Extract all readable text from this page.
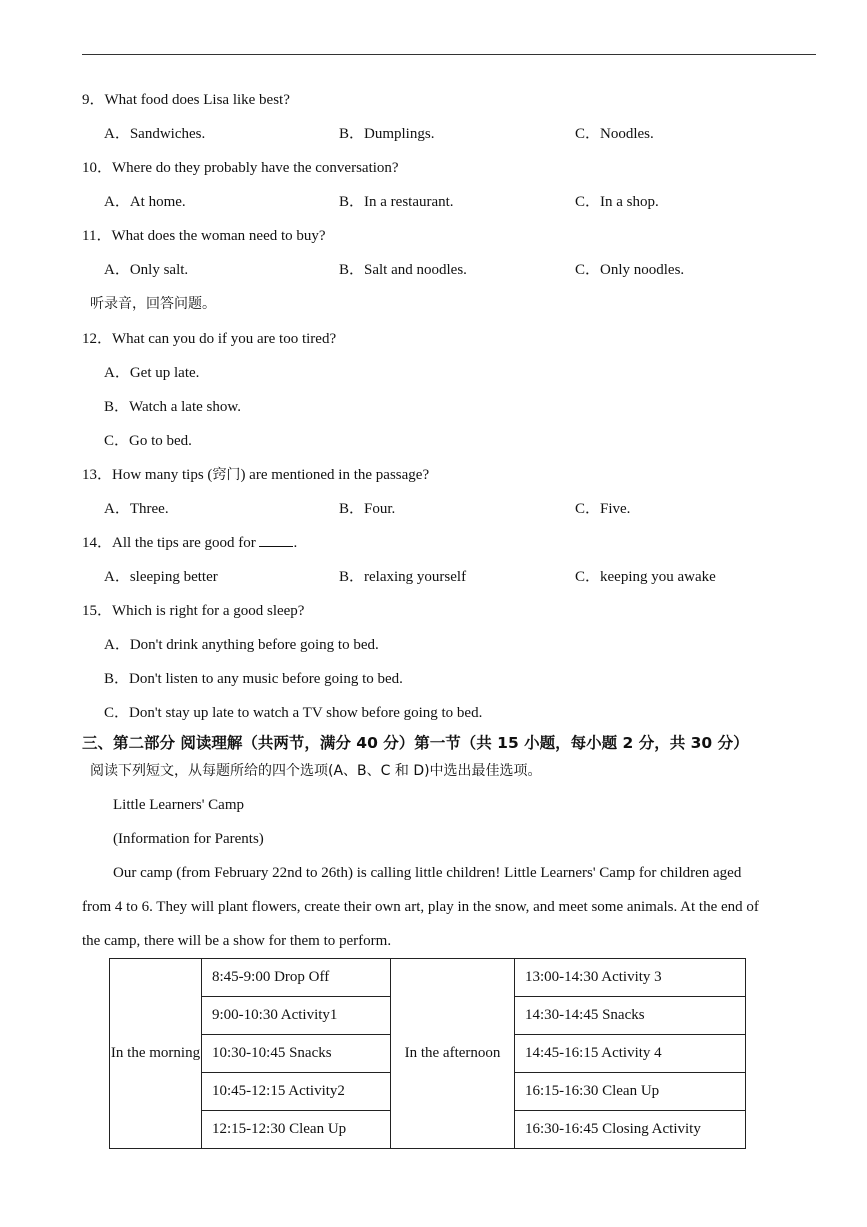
9．What food does Lisa like best?
A．Sandwiches.	B．Dumplings.	C．Noodles.
10．Where do they probably have the conversation?
A．At home.	B．In a restaurant.	C．In a shop.
11．What does the woman need to buy?
A．Only salt.	B．Salt and noodles.	C．Only noodles.
听录音，回答问题。
12．What can you do if you are too tired?
A．Get up late.
B．Watch a late show.
C．Go to bed.
13．How many tips (窍门) are mentioned in the passage?
A．Three.	B．Four.	C．Five.
14．All the tips are good for	.
A．sleeping better	B．relaxing yourself	C．keeping you awake
15．Which is right for a good sleep?
A．Don't drink anything before going to bed.
B．Don't listen to any music before going to bed.
C．Don't stay up late to watch a TV show before going to bed.
三、第二部分 阅读理解（共两节，满分 40 分）第一节（共 15 小题，每小题 2 分，共 30 分）
阅读下列短文，从每题所给的四个选项(A、B、C 和 D)中选出最佳选项。
Little Learners' Camp
(Information for Parents)
Our camp (from February 22nd to 26th) is calling little children! Little Learners' Camp for children aged
from 4 to 6. They will plant flowers, create their own art, play in the snow, and meet some animals. At the end of
the camp, there will be a show for them to perform.
In the morning	8:45-9:00 Drop Off	In the afternoon	13:00-14:30 Activity 3
	9:00-10:30 Activity1		14:30-14:45 Snacks
	10:30-10:45 Snacks		14:45-16:15 Activity 4
	10:45-12:15 Activity2		16:15-16:30 Clean Up
	12:15-12:30 Clean Up		16:30-16:45 Closing Activity
